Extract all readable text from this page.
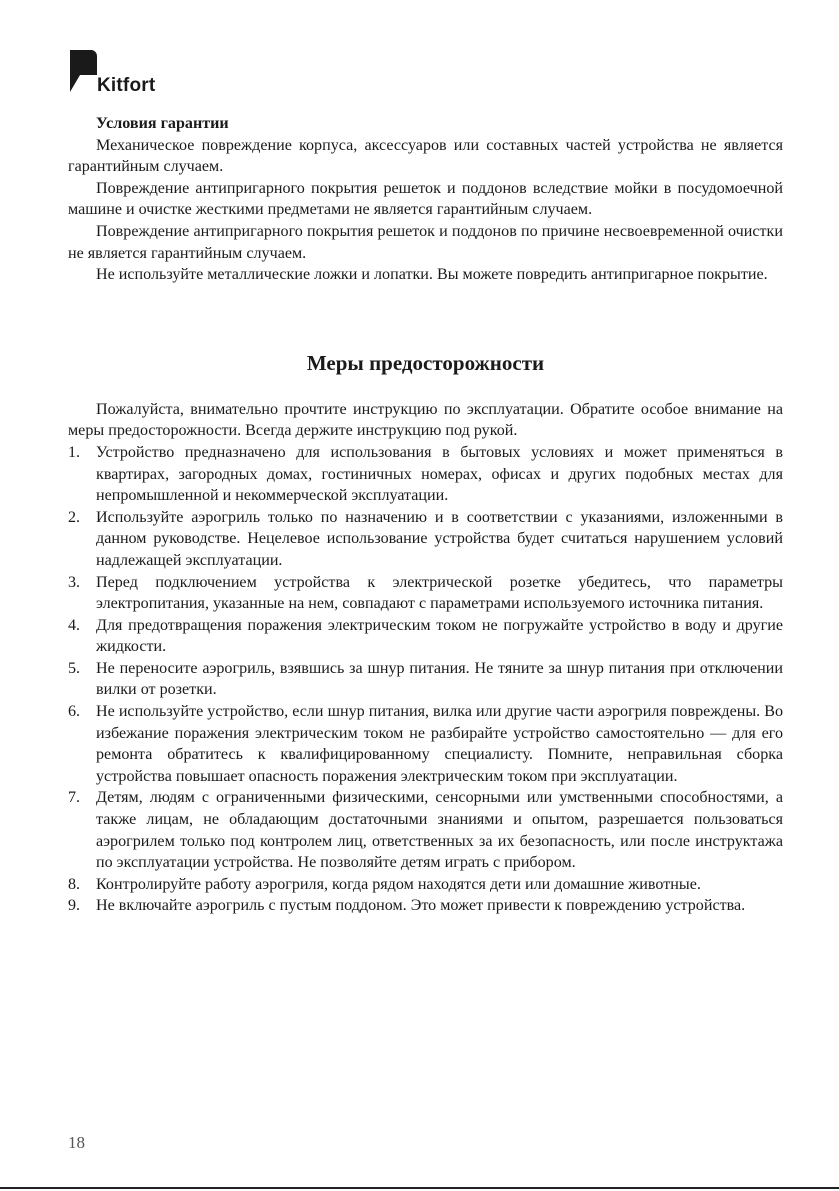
Kitfort
Условия гарантии

Механическое повреждение корпуса, аксессуаров или составных частей устройства не является гарантийным случаем.

Повреждение антипригарного покрытия решеток и поддонов вследствие мойки в посудомоечной машине и очистке жесткими предметами не является гарантийным случаем.

Повреждение антипригарного покрытия решеток и поддонов по причине несвоевременной очистки не является гарантийным случаем.

Не используйте металлические ложки и лопатки. Вы можете повредить антипригарное покрытие.

Меры предосторожности

Пожалуйста, внимательно прочтите инструкцию по эксплуатации. Обратите особое внимание на меры предосторожности. Всегда держите инструкцию под рукой.

1. Устройство предназначено для использования в бытовых условиях и может применяться в квартирах, загородных домах, гостиничных номерах, офисах и других подобных местах для непромышленной и некоммерческой эксплуатации.
2. Используйте аэрогриль только по назначению и в соответствии с указаниями, изложенными в данном руководстве. Нецелевое использование устройства будет считаться нарушением условий надлежащей эксплуатации.
3. Перед подключением устройства к электрической розетке убедитесь, что параметры электропитания, указанные на нем, совпадают с параметрами используемого источника питания.
4. Для предотвращения поражения электрическим током не погружайте устройство в воду и другие жидкости.
5. Не переносите аэрогриль, взявшись за шнур питания. Не тяните за шнур питания при отключении вилки от розетки.
6. Не используйте устройство, если шнур питания, вилка или другие части аэрогриля повреждены. Во избежание поражения электрическим током не разбирайте устройство самостоятельно — для его ремонта обратитесь к квалифицированному специалисту. Помните, неправильная сборка устройства повышает опасность поражения электрическим током при эксплуатации.
7. Детям, людям с ограниченными физическими, сенсорными или умственными способностями, а также лицам, не обладающим достаточными знаниями и опытом, разрешается пользоваться аэрогрилем только под контролем лиц, ответственных за их безопасность, или после инструктажа по эксплуатации устройства. Не позволяйте детям играть с прибором.
8. Контролируйте работу аэрогриля, когда рядом находятся дети или домашние животные.
9. Не включайте аэрогриль с пустым поддоном. Это может привести к повреждению устройства.
18
